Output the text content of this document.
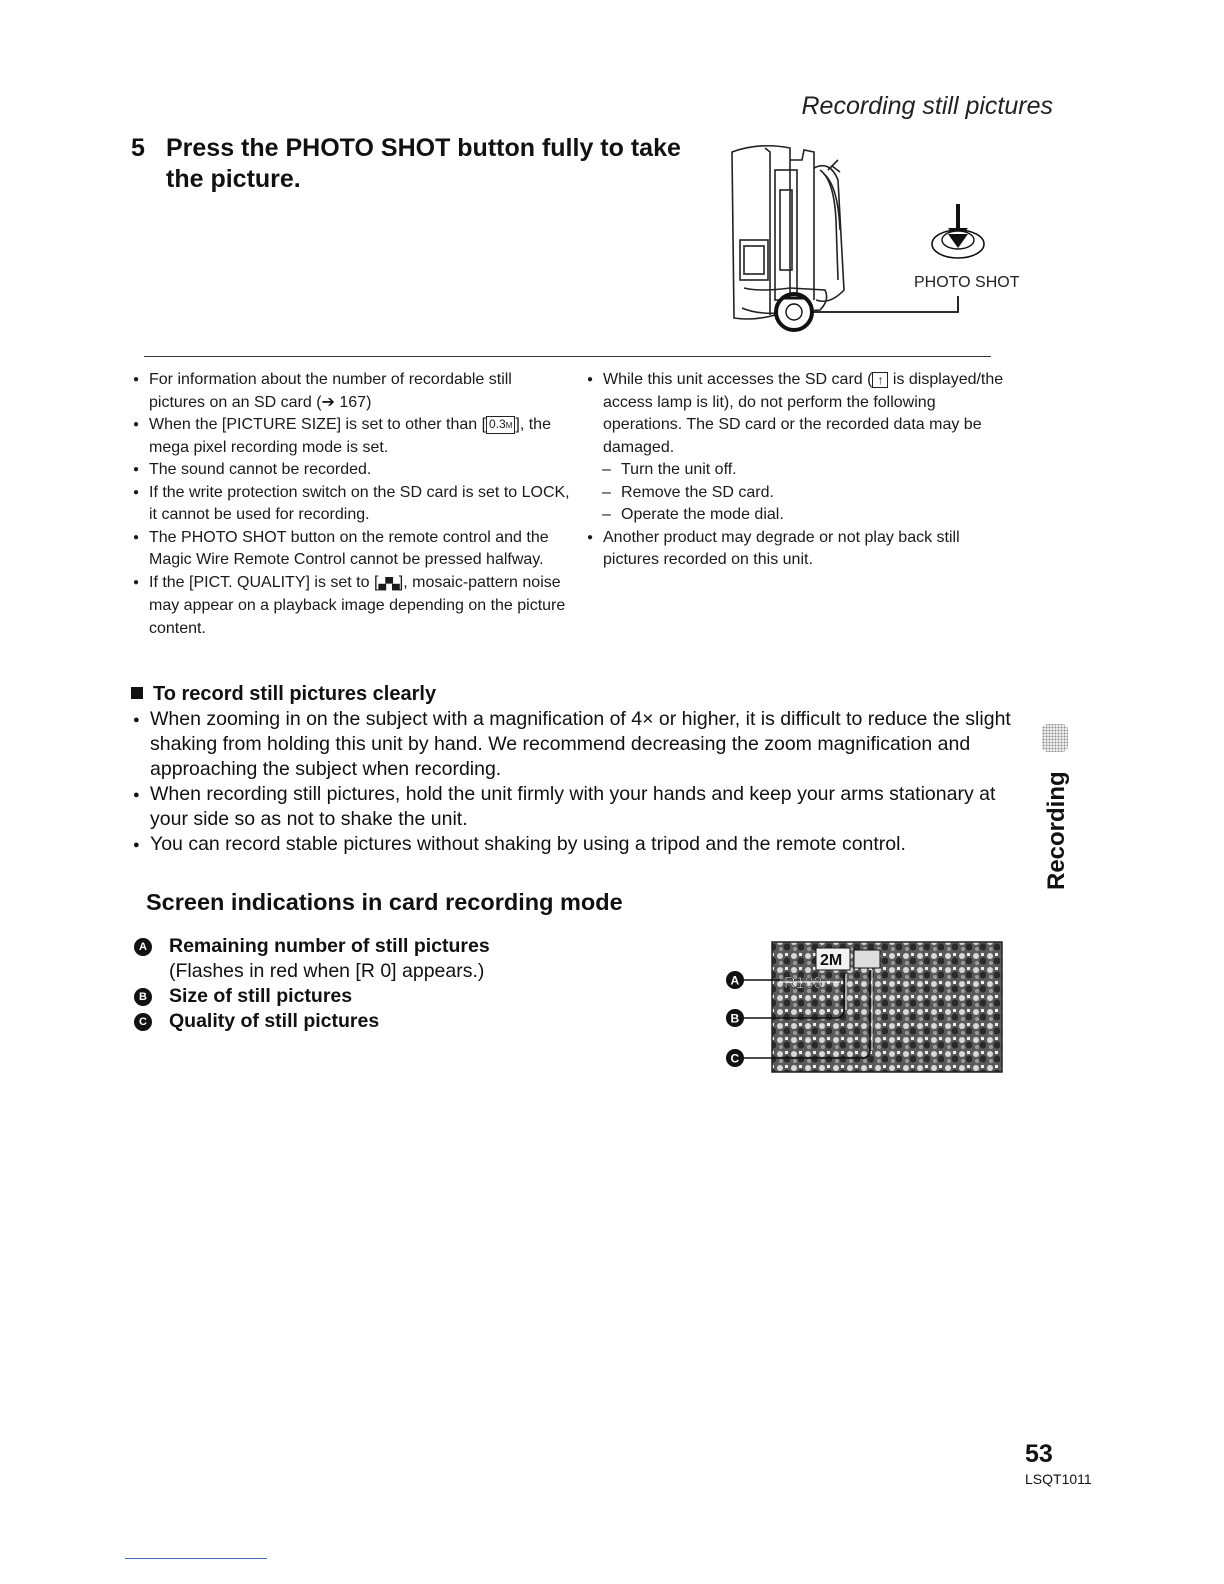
Recording still pictures
5 Press the PHOTO SHOT button fully to take the picture.
PHOTO SHOT
● For information about the number of recordable still pictures on an SD card (➔ 167)
● When the [PICTURE SIZE] is set to other than [ 0.3M ], the mega pixel recording mode is set.
● The sound cannot be recorded.
● If the write protection switch on the SD card is set to LOCK, it cannot be used for recording.
● The PHOTO SHOT button on the remote control and the Magic Wire Remote Control cannot be pressed halfway.
● If the [PICT. QUALITY] is set to [▄▀▄], mosaic-pattern noise may appear on a playback image depending on the picture content.
● While this unit accesses the SD card ( ↑ is displayed/the access lamp is lit), do not perform the following operations. The SD card or the recorded data may be damaged.
– Turn the unit off.
– Remove the SD card.
– Operate the mode dial.
● Another product may degrade or not play back still pictures recorded on this unit.
To record still pictures clearly
● When zooming in on the subject with a magnification of 4× or higher, it is difficult to reduce the slight shaking from holding this unit by hand. We recommend decreasing the zoom magnification and approaching the subject when recording.
● When recording still pictures, hold the unit firmly with your hands and keep your arms stationary at your side so as not to shake the unit.
● You can record stable pictures without shaking by using a tripod and the remote control.
Screen indications in card recording mode
A Remaining number of still pictures
(Flashes in red when [R 0] appears.)
B Size of still pictures
C Quality of still pictures
2M
R100
A
B
C
Recording
53
LSQT1011
